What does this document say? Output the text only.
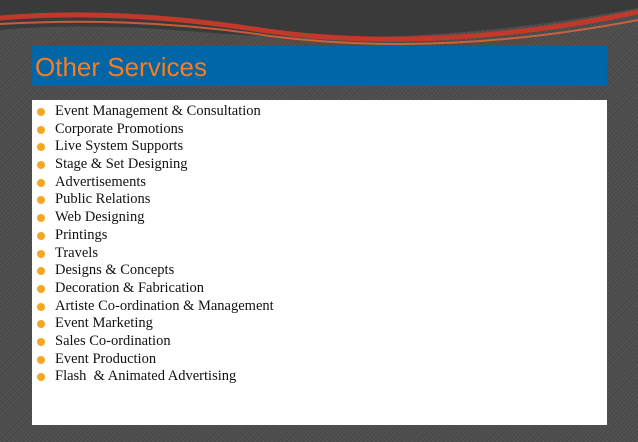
Other Services
Event Management & Consultation
Corporate Promotions
Live System Supports
Stage & Set Designing
Advertisements
Public Relations
Web Designing
Printings
Travels
Designs & Concepts
Decoration & Fabrication
Artiste Co-ordination & Management
Event Marketing
Sales Co-ordination
Event Production
Flash  & Animated Advertising
